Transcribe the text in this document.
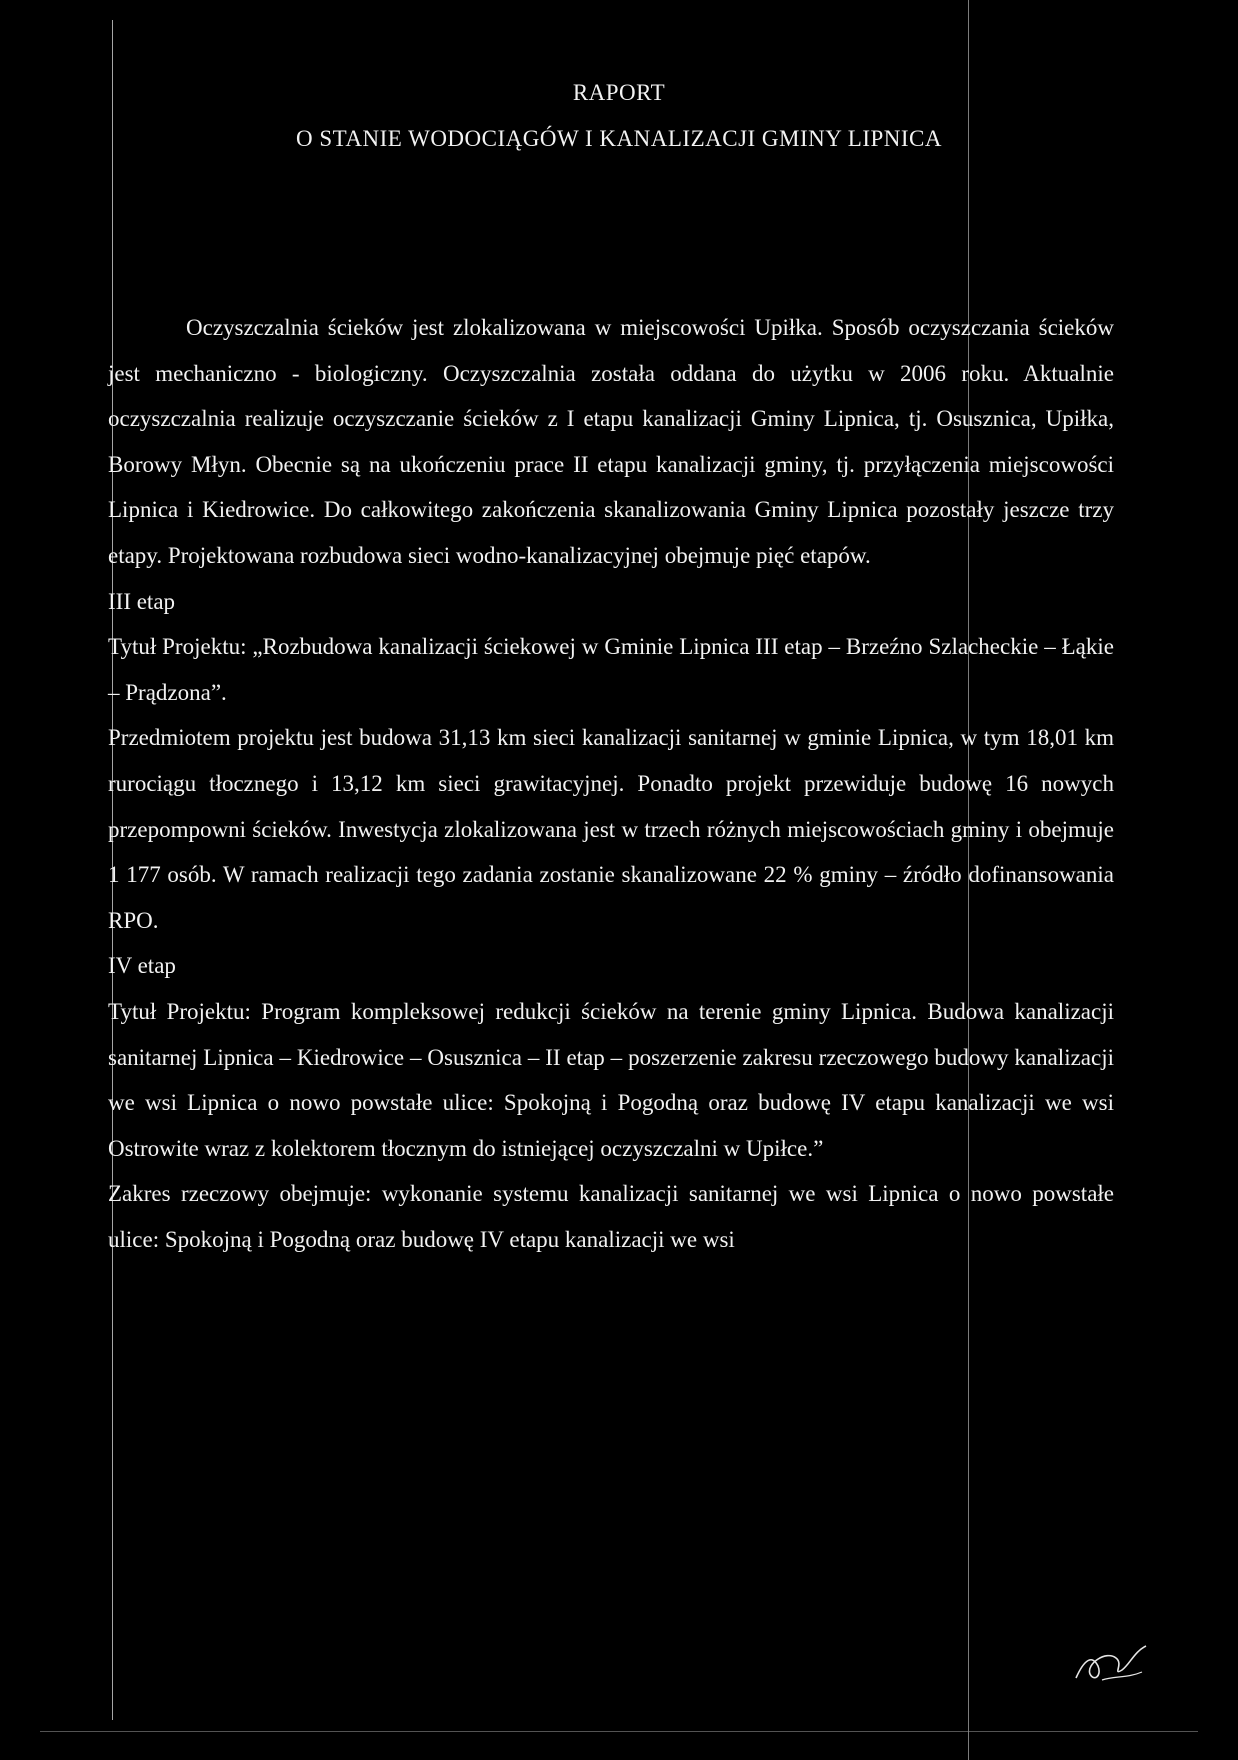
RAPORT
O STANIE WODOCIĄGÓW I KANALIZACJI GMINY LIPNICA

Oczyszczalnia ścieków jest zlokalizowana w miejscowości Upiłka. Sposób oczyszczania ścieków jest mechaniczno - biologiczny. Oczyszczalnia została oddana do użytku w 2006 roku. Aktualnie oczyszczalnia realizuje oczyszczanie ścieków z I etapu kanalizacji Gminy Lipnica, tj. Osusznica, Upiłka, Borowy Młyn. Obecnie są na ukończeniu prace II etapu kanalizacji gminy, tj. przyłączenia miejscowości Lipnica i Kiedrowice. Do całkowitego zakończenia skanalizowania Gminy Lipnica pozostały jeszcze trzy etapy. Projektowana rozbudowa sieci wodno-kanalizacyjnej obejmuje pięć etapów.

III etap

Tytuł Projektu: „Rozbudowa kanalizacji ściekowej w Gminie Lipnica III etap – Brzeźno Szlacheckie – Łąkie – Prądzona”.

Przedmiotem projektu jest budowa 31,13 km sieci kanalizacji sanitarnej w gminie Lipnica, w tym 18,01 km rurociągu tłocznego i 13,12 km sieci grawitacyjnej. Ponadto projekt przewiduje budowę 16 nowych przepompowni ścieków. Inwestycja zlokalizowana jest w trzech różnych miejscowościach gminy i obejmuje 1 177 osób. W ramach realizacji tego zadania zostanie skanalizowane 22 % gminy – źródło dofinansowania RPO.

IV etap

Tytuł Projektu: Program kompleksowej redukcji ścieków na terenie gminy Lipnica. Budowa kanalizacji sanitarnej Lipnica – Kiedrowice – Osusznica – II etap – poszerzenie zakresu rzeczowego budowy kanalizacji we wsi Lipnica o nowo powstałe ulice: Spokojną i Pogodną oraz budowę IV etapu kanalizacji we wsi Ostrowite wraz z kolektorem tłocznym do istniejącej oczyszczalni w Upiłce.”

Zakres rzeczowy obejmuje: wykonanie systemu kanalizacji sanitarnej we wsi Lipnica o nowo powstałe ulice: Spokojną i Pogodną oraz budowę IV etapu kanalizacji we wsi
